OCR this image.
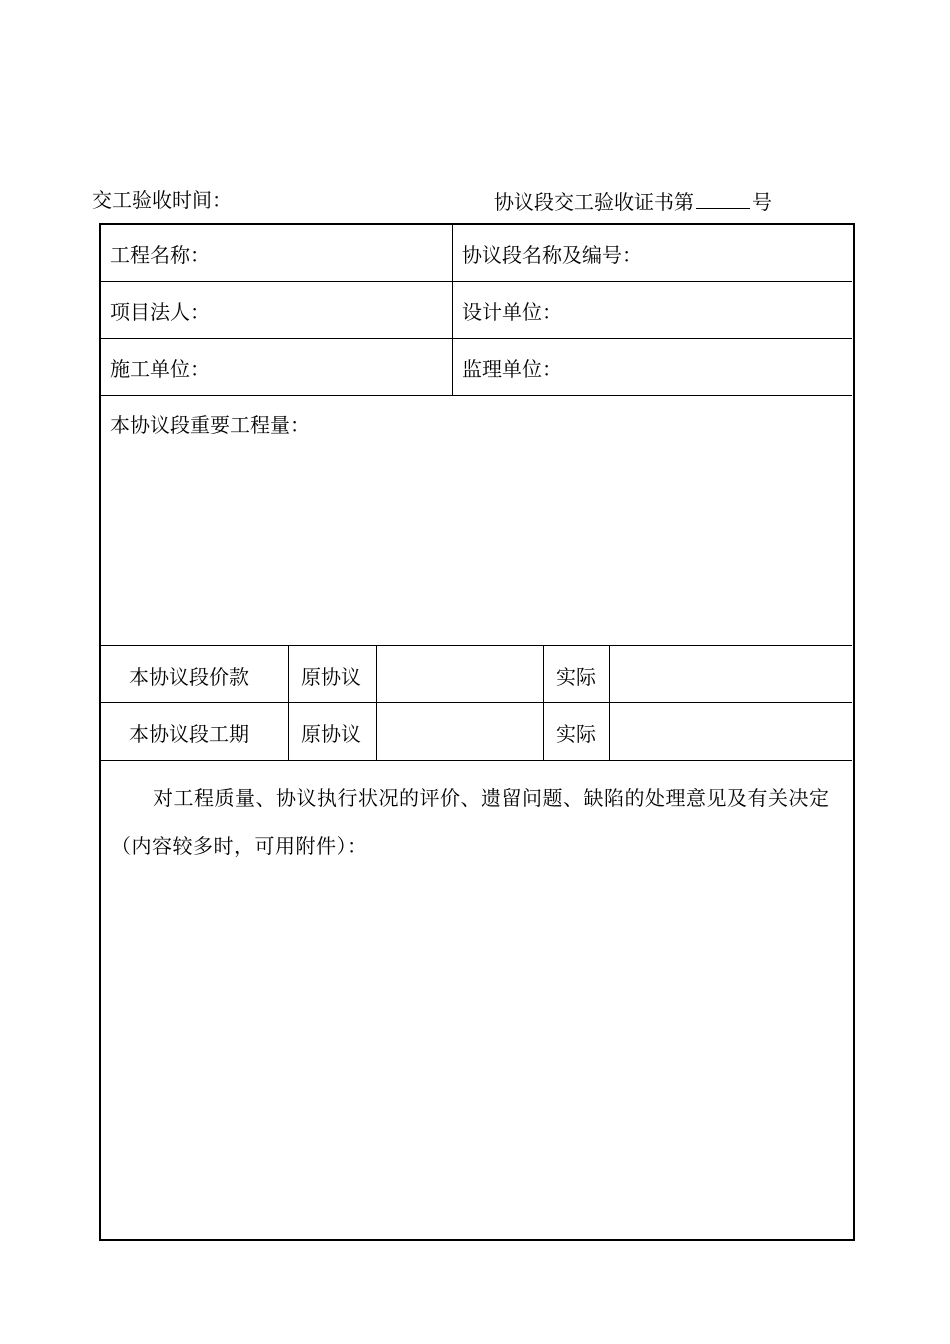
交工验收时间：	协议段交工验收证书第	号
工程名称：	协议段名称及编号：
项目法人：	设计单位：
施工单位：	监理单位：
本协议段重要工程量：
本协议段价款	原协议	实际
本协议段工期	原协议	实际
对工程质量、协议执行状况的评价、遗留问题、缺陷的处理意见及有关决定（内容较多时，可用附件）：
